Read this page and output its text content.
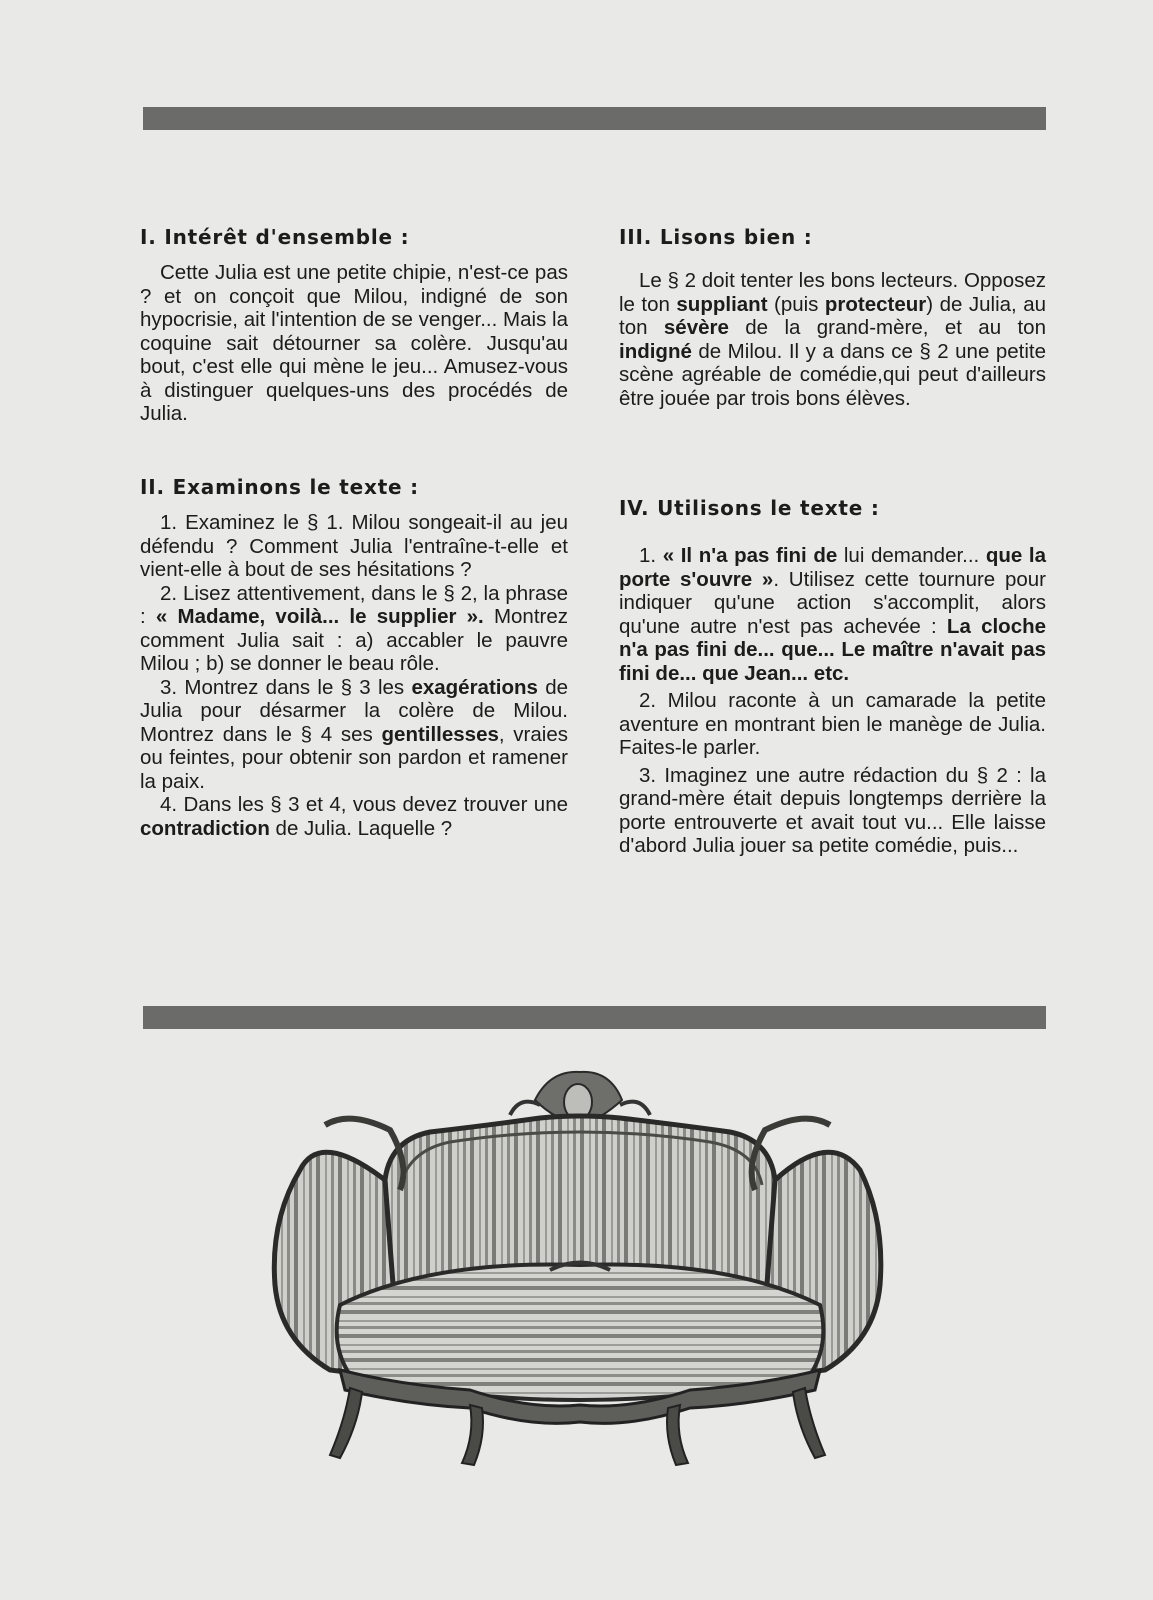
I. Intérêt d'ensemble :

Cette Julia est une petite chipie, n'est-ce pas ? et on conçoit que Milou, indigné de son hypocrisie, ait l'intention de se venger... Mais la coquine sait détourner sa colère. Jusqu'au bout, c'est elle qui mène le jeu... Amusez-vous à distinguer quelques-uns des procédés de Julia.

II. Examinons le texte :

1. Examinez le § 1. Milou songeait-il au jeu défendu ? Comment Julia l'entraîne-t-elle et vient-elle à bout de ses hésitations ?

2. Lisez attentivement, dans le § 2, la phrase : « Madame, voilà... le supplier ». Montrez comment Julia sait : a) accabler le pauvre Milou ; b) se donner le beau rôle.

3. Montrez dans le § 3 les exagérations de Julia pour désarmer la colère de Milou. Montrez dans le § 4 ses gentillesses, vraies ou feintes, pour obtenir son pardon et ramener la paix.

4. Dans les § 3 et 4, vous devez trouver une contradiction de Julia. Laquelle ?

III. Lisons bien :

Le § 2 doit tenter les bons lecteurs. Opposez le ton suppliant (puis protecteur) de Julia, au ton sévère de la grand-mère, et au ton indigné de Milou. Il y a dans ce § 2 une petite scène agréable de comédie,qui peut d'ailleurs être jouée par trois bons élèves.

IV. Utilisons le texte :

1. « Il n'a pas fini de lui demander... que la porte s'ouvre ». Utilisez cette tournure pour indiquer qu'une action s'accomplit, alors qu'une autre n'est pas achevée : La cloche n'a pas fini de... que... Le maître n'avait pas fini de... que Jean... etc.

2. Milou raconte à un camarade la petite aventure en montrant bien le manège de Julia. Faites-le parler.

3. Imaginez une autre rédaction du § 2 : la grand-mère était depuis longtemps derrière la porte entrouverte et avait tout vu... Elle laisse d'abord Julia jouer sa petite comédie, puis...
